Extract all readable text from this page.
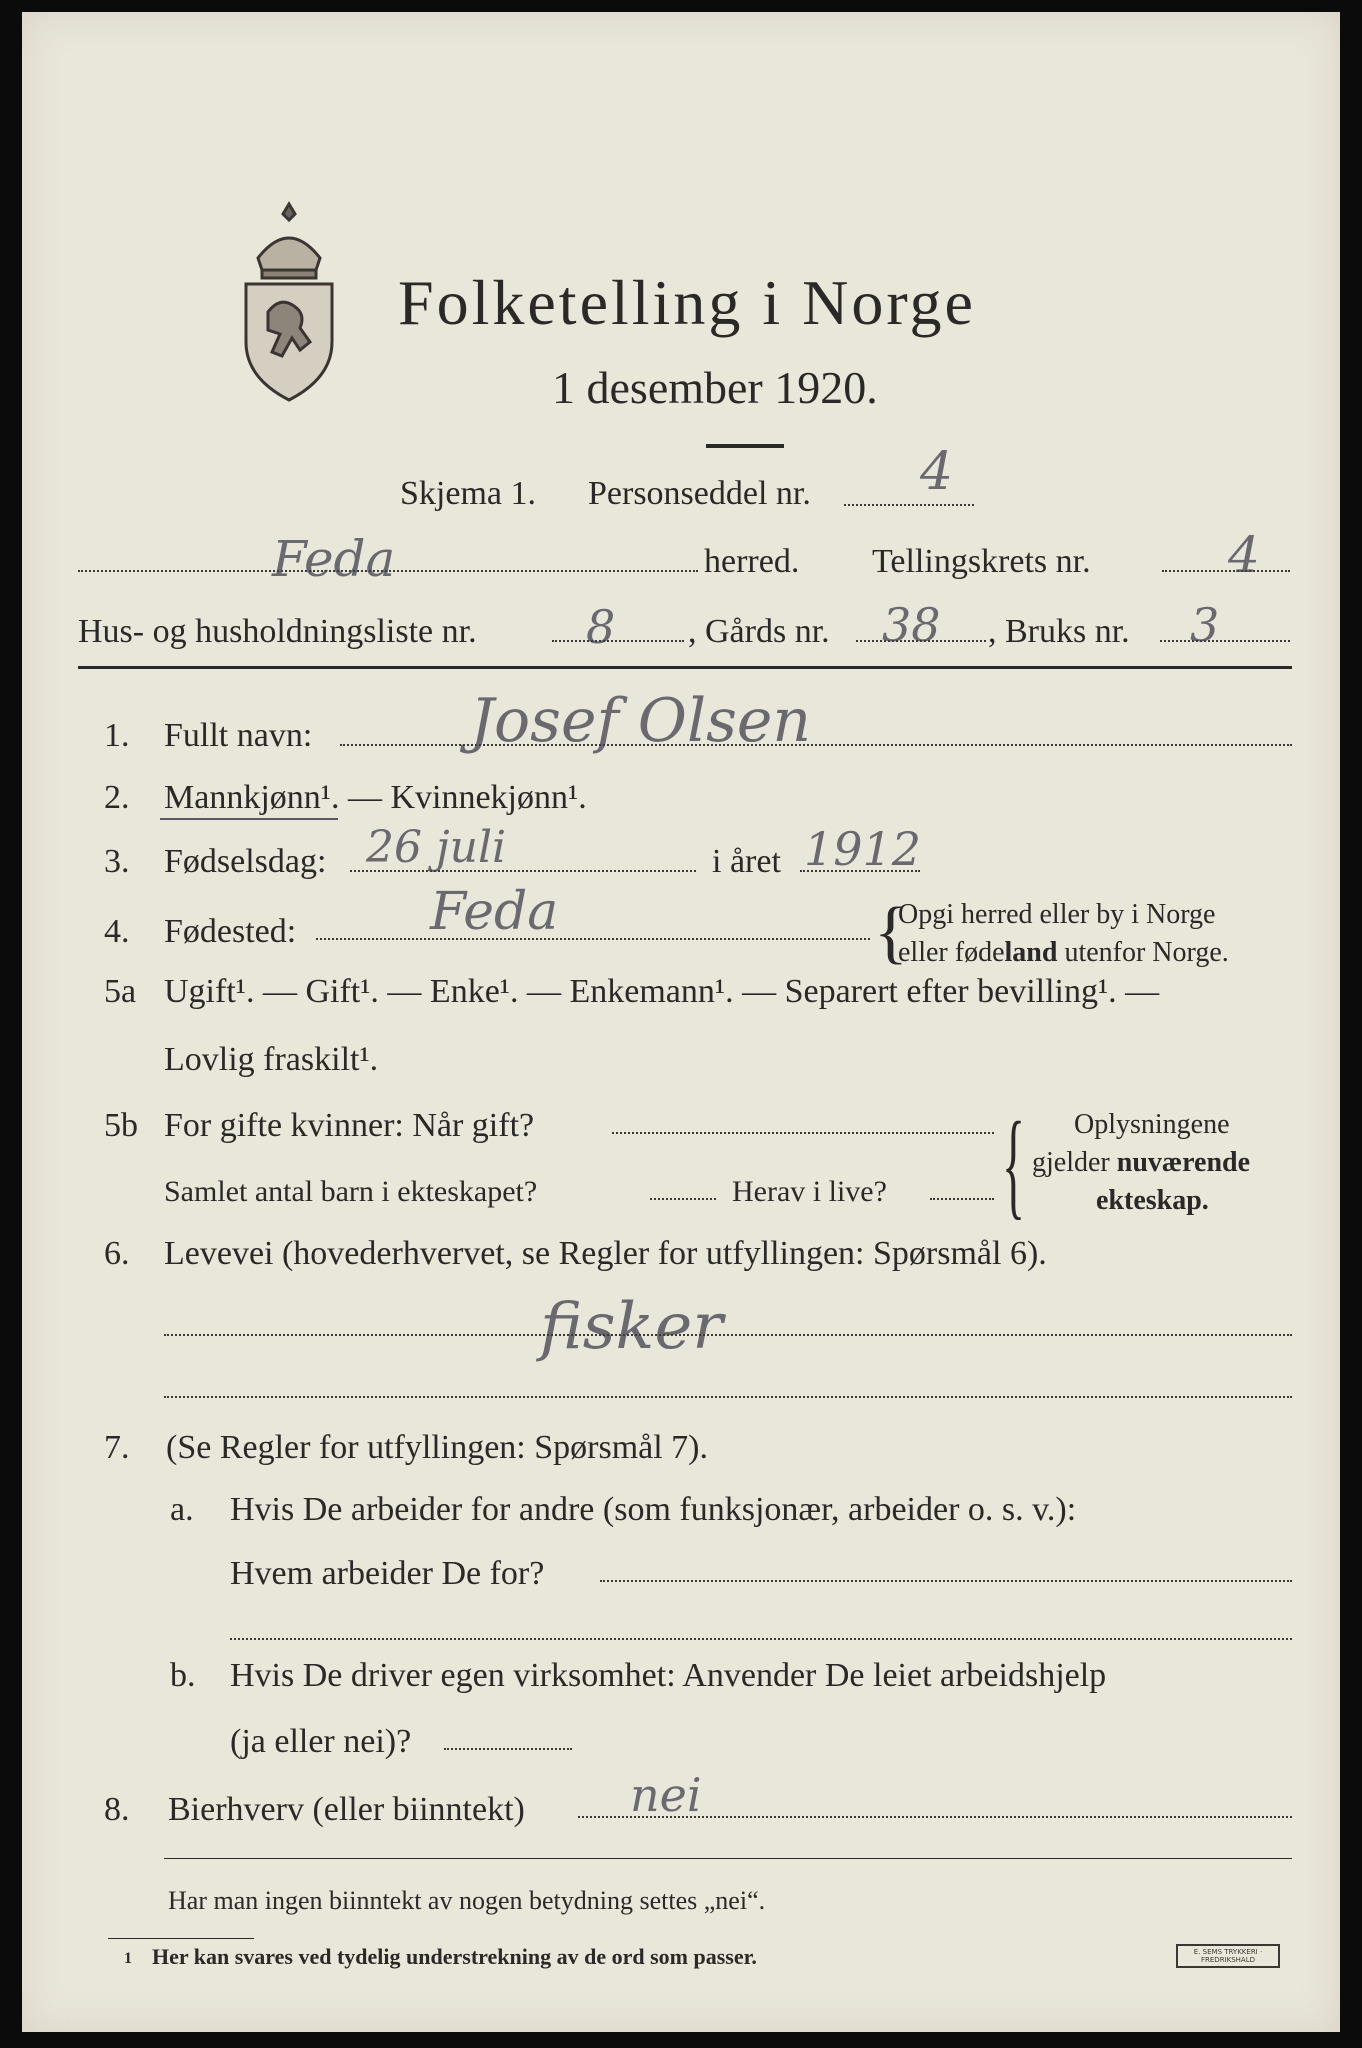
Folketelling i Norge
1 desember 1920.
Skjema 1. Personseddel nr. 4
Feda	herred. Tellingskrets nr.	4
Hus- og husholdningsliste nr. 8 , Gårds nr. 38 , Bruks nr. 3
1. Fullt navn:	Josef Olsen
2. Mannkjønn¹. — Kvinnekjønn¹.
3. Fødselsdag: 26 juli	i året 1912
4. Fødested:	Feda	{
Opgi herred eller by i Norge
eller fødeland utenfor Norge.
5a Ugift¹. — Gift¹. — Enke¹. — Enkemann¹. — Separert efter bevilling¹. —
Lovlig fraskilt¹.
5b For gifte kvinner: Når gift?
Samlet antal barn i ekteskapet?	Herav i live? { Oplysningene
gjelder nuværende
ekteskap.
6. Levevei (hovederhvervet, se Regler for utfyllingen: Spørsmål 6).
fisker
7. (Se Regler for utfyllingen: Spørsmål 7).
a. Hvis De arbeider for andre (som funksjonær, arbeider o. s. v.):
Hvem arbeider De for?
b. Hvis De driver egen virksomhet: Anvender De leiet arbeidshjelp
(ja eller nei)?
8. Bierhverv (eller biinntekt) nei
Har man ingen biinntekt av nogen betydning settes „nei“.
1 Her kan svares ved tydelig understrekning av de ord som passer.	E. SEMS TRYKKERI · FREDRIKSHALD
